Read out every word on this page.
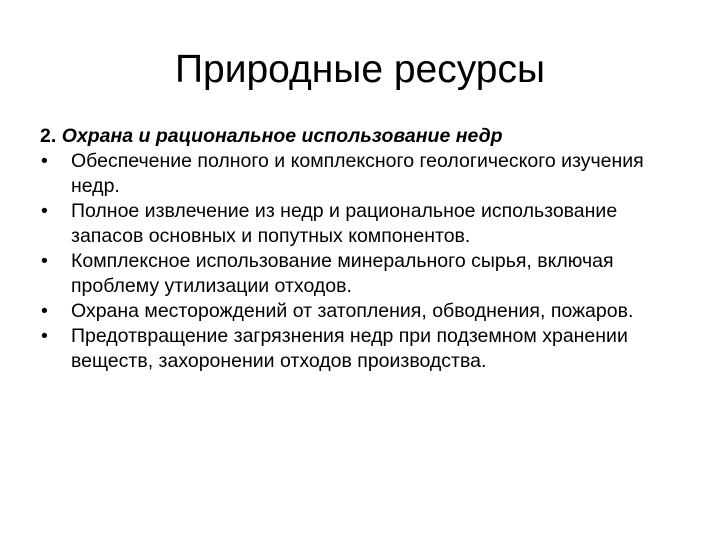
Природные ресурсы

2. Охрана и рациональное использование недр

• Обеспечение полного и комплексного геологического изучения недр.
• Полное извлечение из недр и рациональное использование запасов основных и попутных компонентов.
• Комплексное использование минерального сырья, включая проблему утилизации отходов.
• Охрана месторождений от затопления, обводнения, пожаров.
• Предотвращение загрязнения недр при подземном хранении веществ, захоронении отходов производства.
